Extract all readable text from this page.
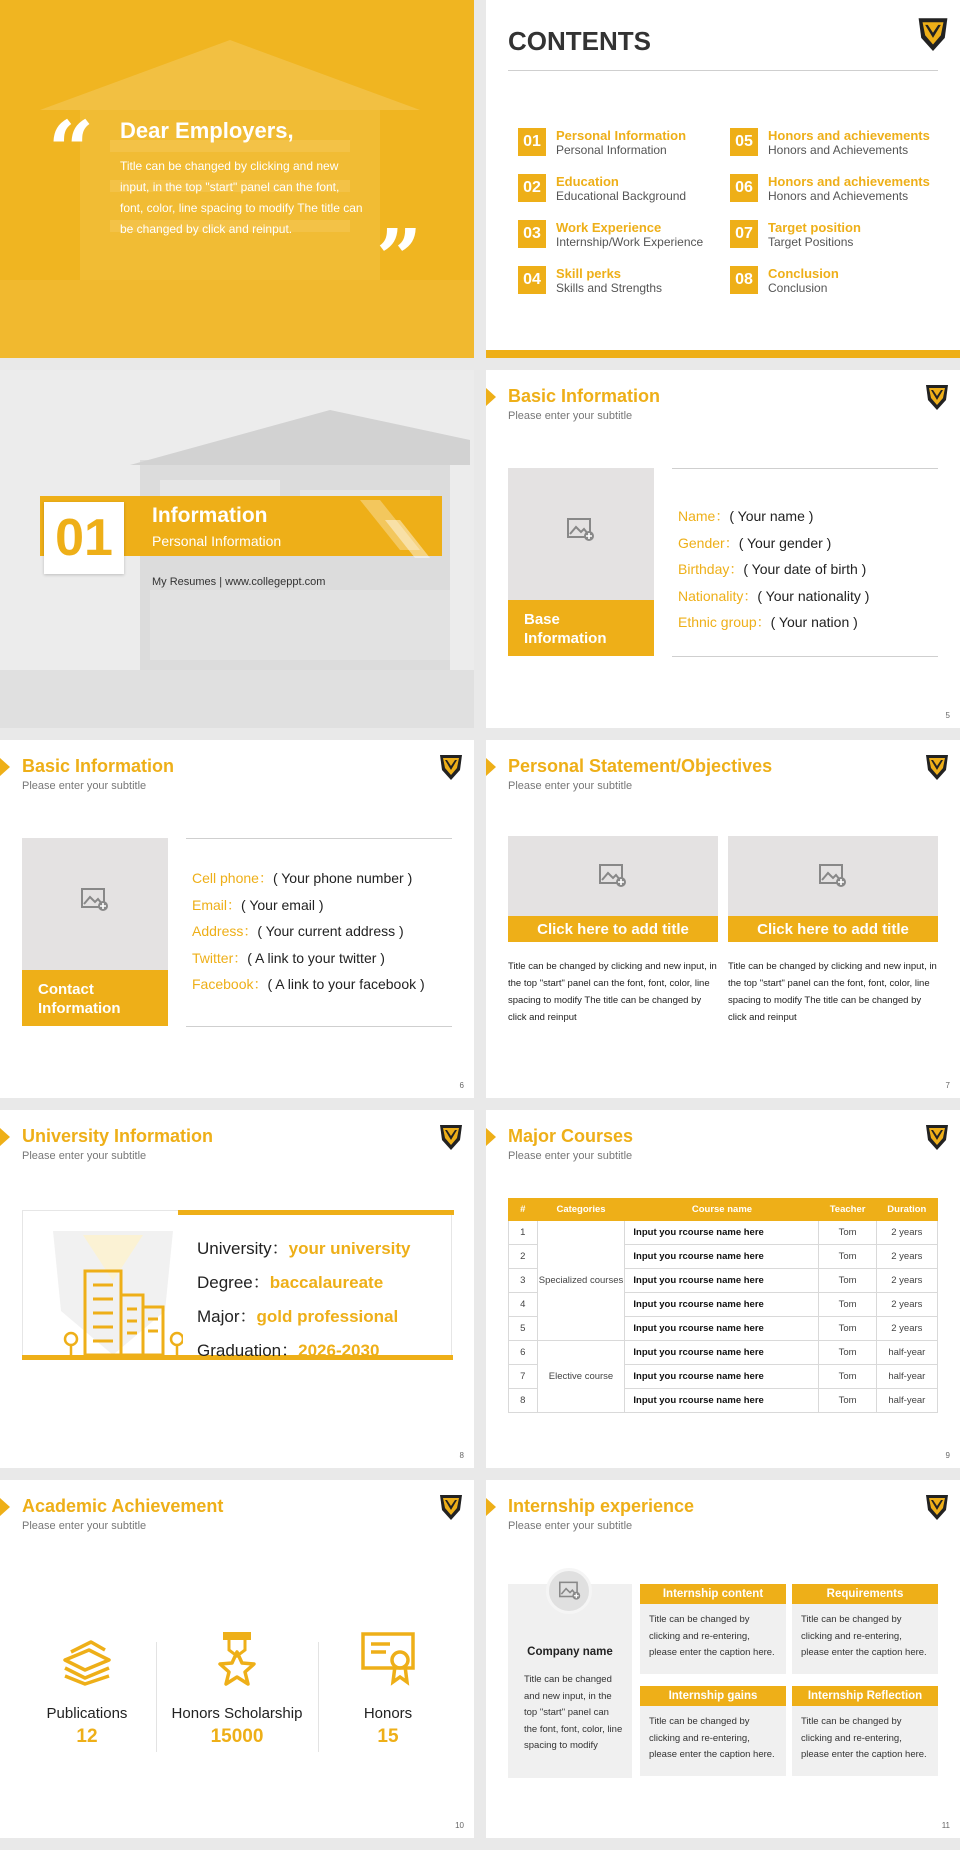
“
”
Dear Employers,
Title can be changed by clicking and new input, in the top "start" panel can the font, font, color, line spacing to modify The title can be changed by click and reinput.
CONTENTS
01	Personal Information
Personal Information
02	Education
Educational Background
03	Work Experience
Internship/Work Experience
04	Skill perks
Skills and Strengths
05	Honors and achievements
Honors and Achievements
06	Honors and achievements
Honors and Achievements
07	Target position
Target Positions
08	Conclusion
Conclusion
01	Information
Personal Information
My Resumes | www.collegeppt.com
Basic Information
Please enter your subtitle
Base Information
Name：( Your name )
Gender：( Your gender )
Birthday：( Your date of birth )
Nationality：( Your nationality )
Ethnic group：( Your nation )
5
Basic Information
Please enter your subtitle
Contact Information
Cell phone：( Your phone number )
Email：( Your email )
Address：( Your current address )
Twitter：( A link to your twitter )
Facebook：( A link to your facebook )
6
Personal Statement/Objectives
Please enter your subtitle
Click here to add title
Title can be changed by clicking and new input, in the top "start" panel can the font, font, color, line spacing to modify The title can be changed by click and reinput
Click here to add title
Title can be changed by clicking and new input, in the top "start" panel can the font, font, color, line spacing to modify The title can be changed by click and reinput
7
University Information
Please enter your subtitle
University：your university
Degree：baccalaureate
Major：gold professional
Graduation：2026-2030
8
Major Courses
Please enter your subtitle
#	Categories	Course name	Teacher	Duration
1	Specialized courses	Input you rcourse name here	Tom	2 years
2		Input you rcourse name here	Tom	2 years
3		Input you rcourse name here	Tom	2 years
4		Input you rcourse name here	Tom	2 years
5		Input you rcourse name here	Tom	2 years
6	Elective course	Input you rcourse name here	Tom	half-year
7		Input you rcourse name here	Tom	half-year
8		Input you rcourse name here	Tom	half-year
9
Academic Achievement
Please enter your subtitle
Publications
12
Honors Scholarship
15000
Honors
15
10
Internship experience
Please enter your subtitle
Company name
Title can be changed and new input, in the top "start" panel can the font, font, color, line spacing to modify
Internship content
Title can be changed by clicking and re-entering, please enter the caption here.
Requirements
Title can be changed by clicking and re-entering, please enter the caption here.
Internship gains
Title can be changed by clicking and re-entering, please enter the caption here.
Internship Reflection
Title can be changed by clicking and re-entering, please enter the caption here.
11
